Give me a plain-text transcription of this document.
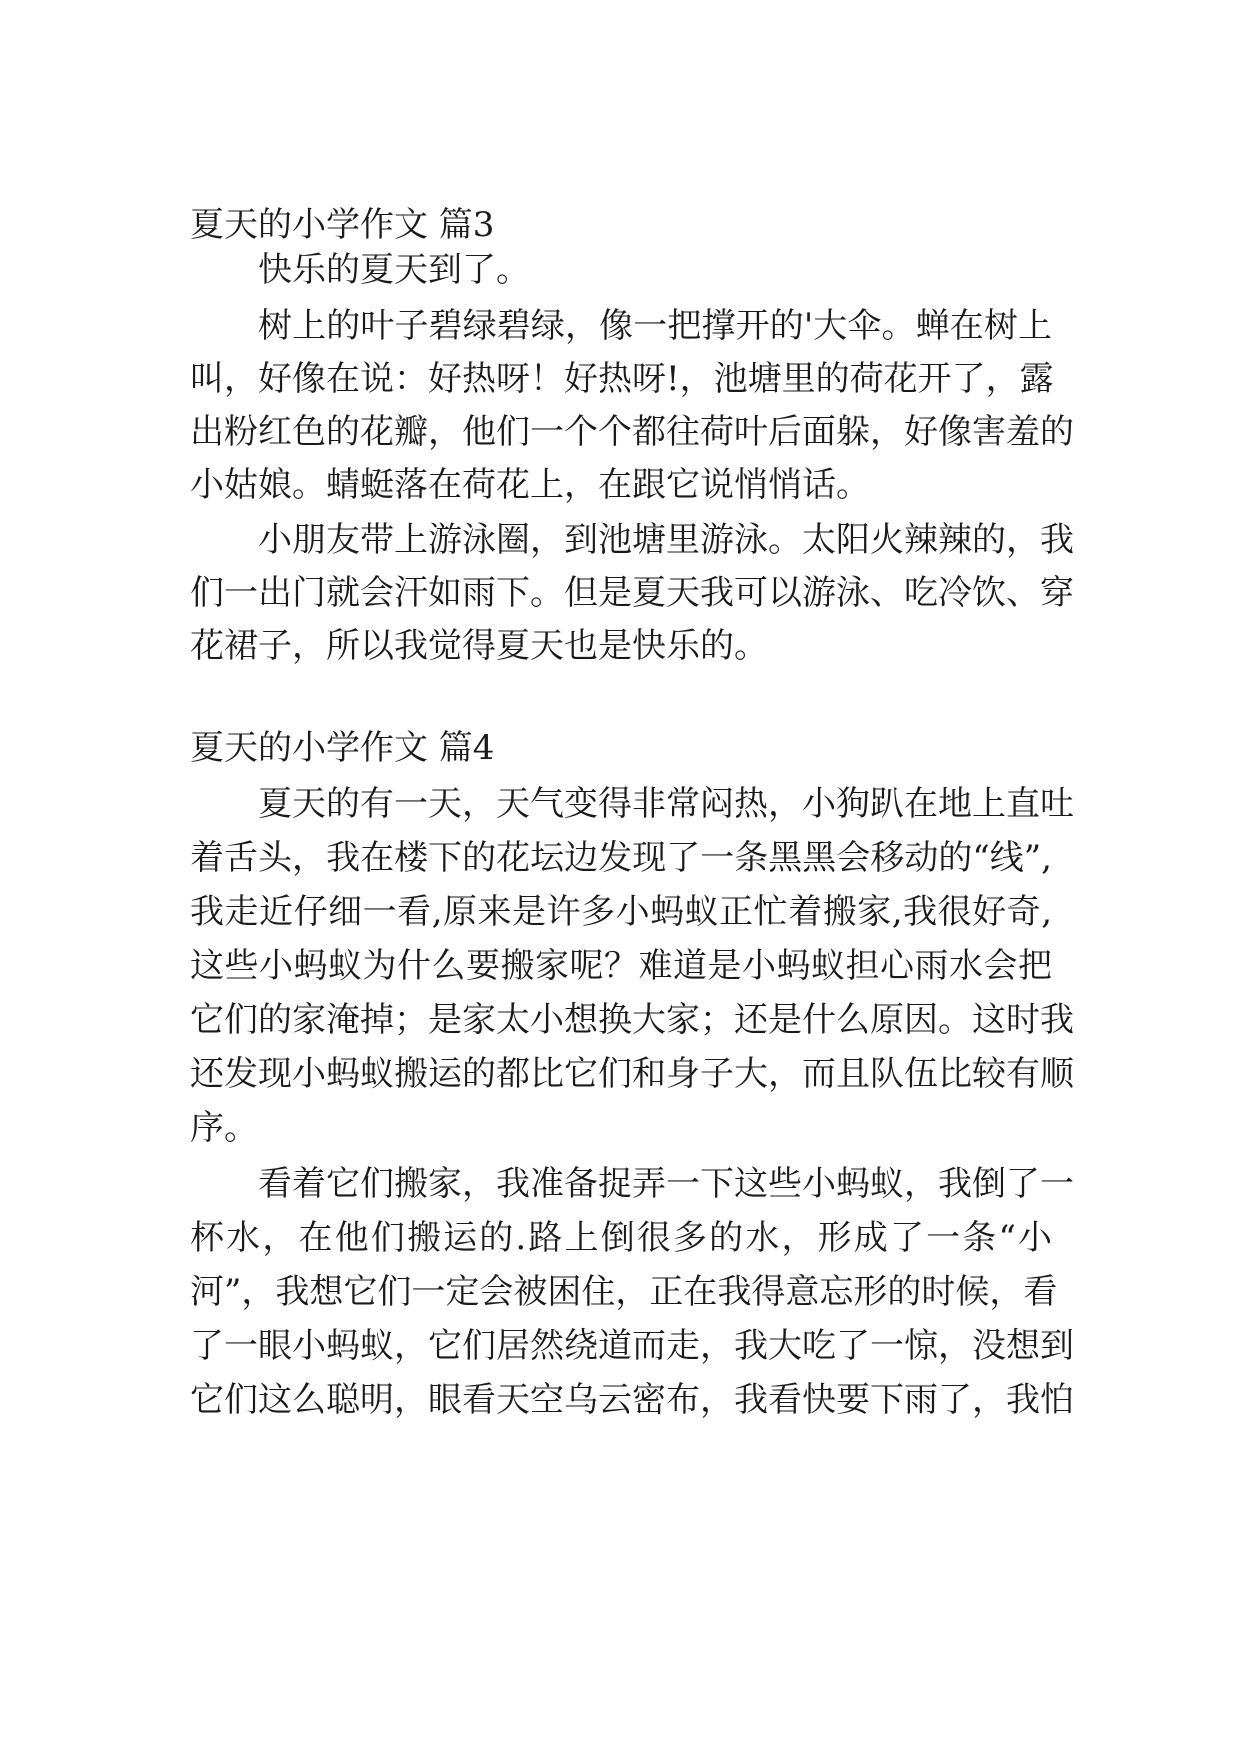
夏天的小学作文 篇3
快乐的夏天到了。
树上的叶子碧绿碧绿，像一把撑开的'大伞。蝉在树上
叫，好像在说：好热呀！好热呀!，池塘里的荷花开了，露
出粉红色的花瓣，他们一个个都往荷叶后面躲，好像害羞的
小姑娘。蜻蜓落在荷花上，在跟它说悄悄话。
小朋友带上游泳圈，到池塘里游泳。太阳火辣辣的，我
们一出门就会汗如雨下。但是夏天我可以游泳、吃冷饮、穿
花裙子，所以我觉得夏天也是快乐的。
夏天的小学作文 篇4
夏天的有一天，天气变得非常闷热，小狗趴在地上直吐
着舌头，我在楼下的花坛边发现了一条黑黑会移动的“线”,
我走近仔细一看,原来是许多小蚂蚁正忙着搬家,我很好奇,
这些小蚂蚁为什么要搬家呢？难道是小蚂蚁担心雨水会把
它们的家淹掉；是家太小想换大家；还是什么原因。这时我
还发现小蚂蚁搬运的都比它们和身子大，而且队伍比较有顺
序。
看着它们搬家，我准备捉弄一下这些小蚂蚁，我倒了一
杯水，在他们搬运的.路上倒很多的水，形成了一条“小
河”，我想它们一定会被困住，正在我得意忘形的时候，看
了一眼小蚂蚁，它们居然绕道而走，我大吃了一惊，没想到
它们这么聪明，眼看天空乌云密布，我看快要下雨了，我怕
